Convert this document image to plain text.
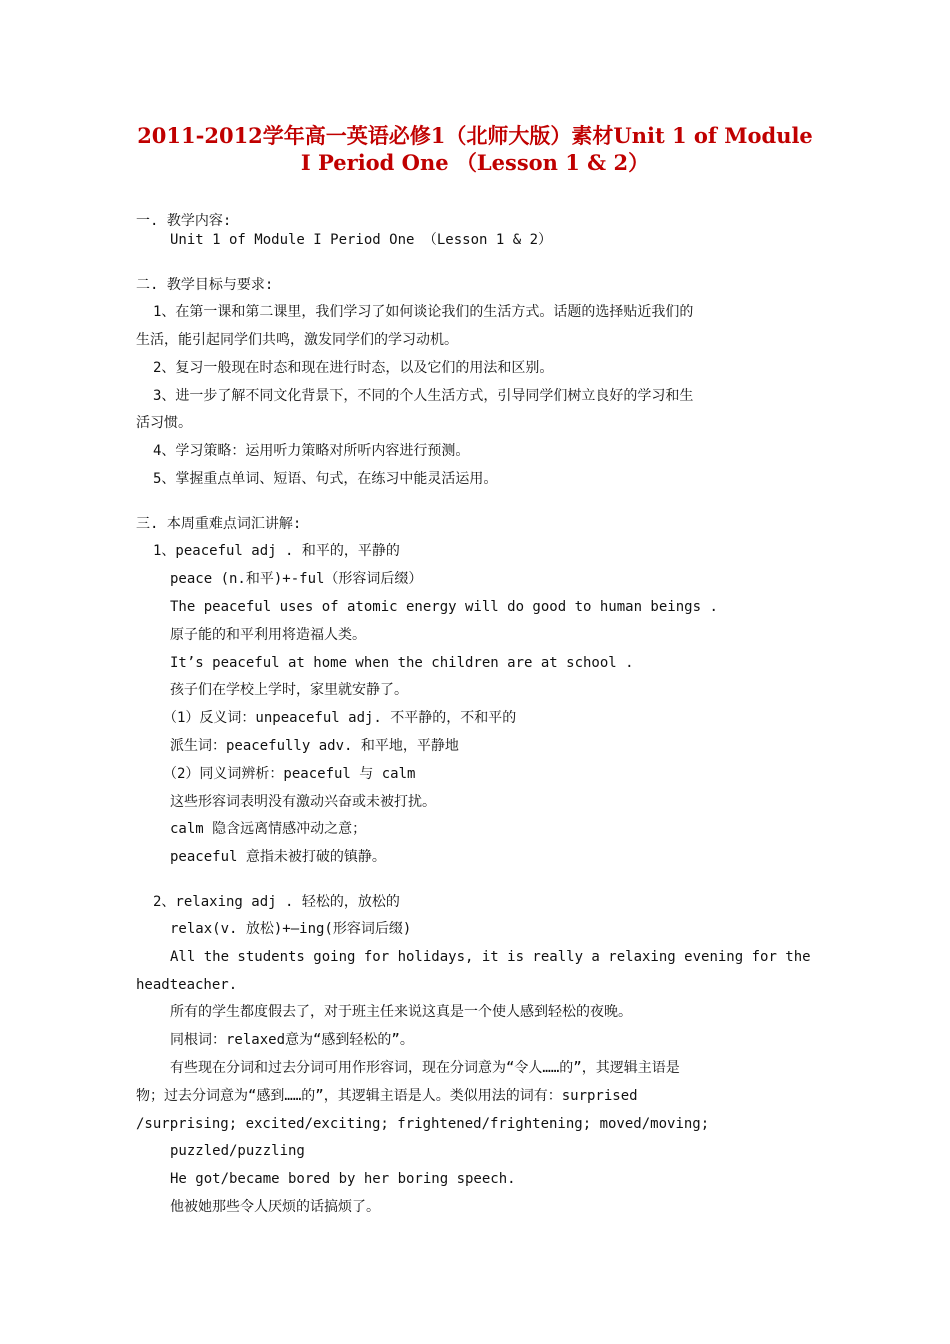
2011-2012学年高一英语必修1（北师大版）素材Unit 1 of Module
I Period One （Lesson 1 & 2）
一. 教学内容:
Unit 1 of Module I Period One （Lesson 1 & 2）
二. 教学目标与要求:
1、在第一课和第二课里，我们学习了如何谈论我们的生活方式。话题的选择贴近我们的
生活，能引起同学们共鸣，激发同学们的学习动机。
2、复习一般现在时态和现在进行时态，以及它们的用法和区别。
3、进一步了解不同文化背景下，不同的个人生活方式，引导同学们树立良好的学习和生
活习惯。
4、学习策略：运用听力策略对所听内容进行预测。
5、掌握重点单词、短语、句式，在练习中能灵活运用。
三. 本周重难点词汇讲解:
1、peaceful adj . 和平的，平静的
peace (n.和平)+-ful（形容词后缀）
The peaceful uses of atomic energy will do good to human beings .
原子能的和平利用将造福人类。
It’s peaceful at home when the children are at school .
孩子们在学校上学时，家里就安静了。
（1）反义词：unpeaceful adj. 不平静的，不和平的
派生词：peacefully adv. 和平地，平静地
（2）同义词辨析：peaceful 与 calm
这些形容词表明没有激动兴奋或未被打扰。
calm 隐含远离情感冲动之意；
peaceful 意指未被打破的镇静。
2、relaxing adj . 轻松的，放松的
relax(v. 放松)+—ing(形容词后缀)
All the students going for holidays, it is really a relaxing evening for the
headteacher.
所有的学生都度假去了，对于班主任来说这真是一个使人感到轻松的夜晚。
同根词：relaxed意为“感到轻松的”。
有些现在分词和过去分词可用作形容词，现在分词意为“令人……的”，其逻辑主语是
物；过去分词意为“感到……的”，其逻辑主语是人。类似用法的词有：surprised
/surprising; excited/exciting; frightened/frightening; moved/moving;
puzzled/puzzling
He got/became bored by her boring speech.
他被她那些令人厌烦的话搞烦了。
